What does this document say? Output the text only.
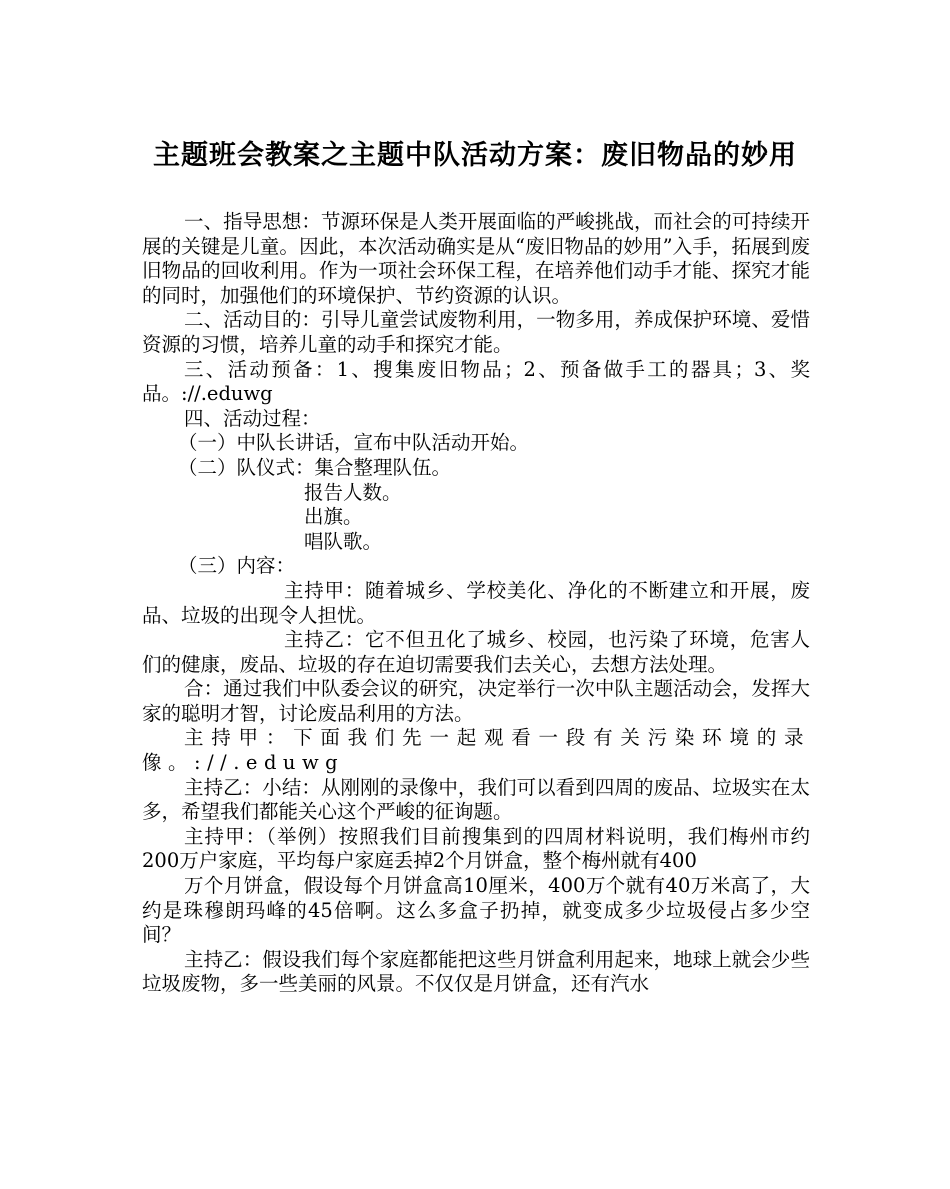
主题班会教案之主题中队活动方案：废旧物品的妙用

一、指导思想：节源环保是人类开展面临的严峻挑战，而社会的可持续开展的关键是儿童。因此，本次活动确实是从“废旧物品的妙用”入手，拓展到废旧物品的回收利用。作为一项社会环保工程，在培养他们动手才能、探究才能的同时，加强他们的环境保护、节约资源的认识。

二、活动目的：引导儿童尝试废物利用，一物多用，养成保护环境、爱惜资源的习惯，培养儿童的动手和探究才能。

三、活动预备：1、搜集废旧物品；2、预备做手工的器具；3、奖品。://.eduwg

四、活动过程：

（一）中队长讲话，宣布中队活动开始。

（二）队仪式：集合整理队伍。

报告人数。

出旗。

唱队歌。

（三）内容：

主持甲：随着城乡、学校美化、净化的不断建立和开展，废品、垃圾的出现令人担忧。

主持乙：它不但丑化了城乡、校园，也污染了环境，危害人们的健康，废品、垃圾的存在迫切需要我们去关心，去想方法处理。

合：通过我们中队委会议的研究，决定举行一次中队主题活动会，发挥大家的聪明才智，讨论废品利用的方法。

主持甲：下面我们先一起观看一段有关污染环境的录像。://.eduwg

主持乙：小结：从刚刚的录像中，我们可以看到四周的废品、垃圾实在太多，希望我们都能关心这个严峻的征询题。

主持甲：（举例）按照我们目前搜集到的四周材料说明，我们梅州市约200万户家庭，平均每户家庭丢掉2个月饼盒，整个梅州就有400

万个月饼盒，假设每个月饼盒高10厘米，400万个就有40万米高了，大约是珠穆朗玛峰的45倍啊。这么多盒子扔掉，就变成多少垃圾侵占多少空间？

主持乙：假设我们每个家庭都能把这些月饼盒利用起来，地球上就会少些垃圾废物，多一些美丽的风景。不仅仅是月饼盒，还有汽水
